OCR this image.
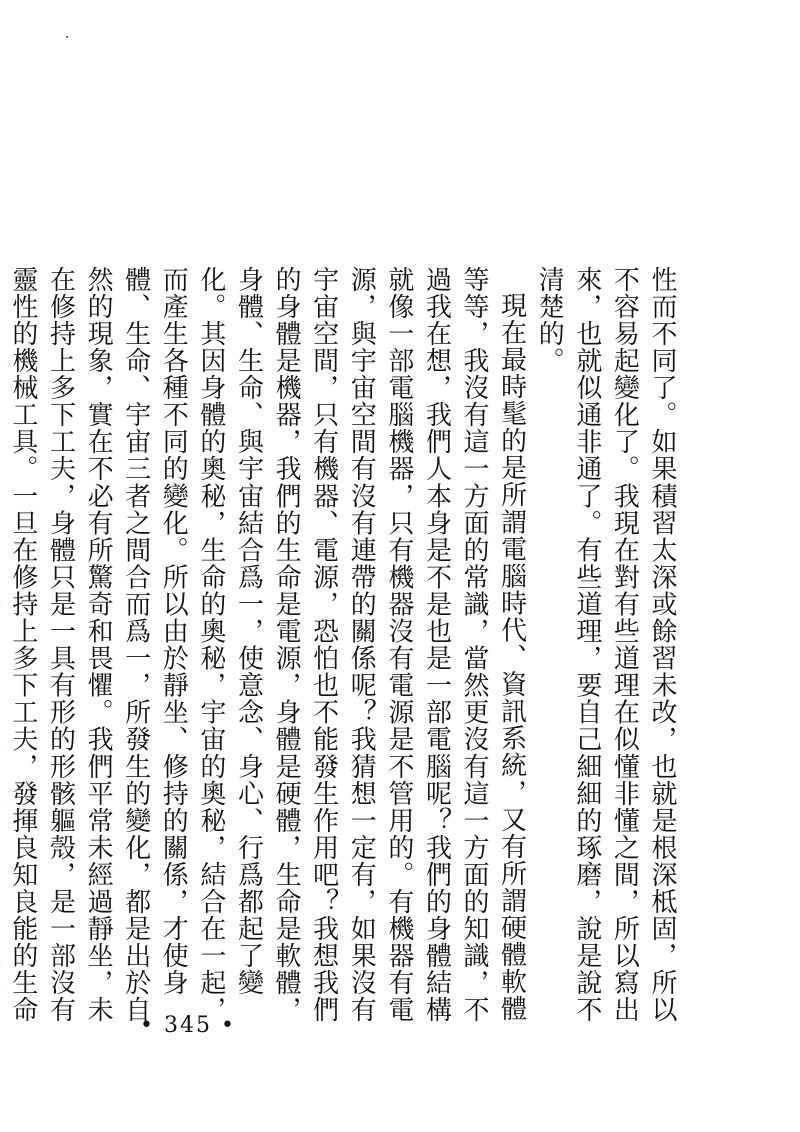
性而不同了。如果積習太深或餘習未改，也就是根深柢固，所以不容易起變化了。我現在對有些道理在似懂非懂之間，所以寫出來，也就似通非通了。有些道理，要自己細細的琢磨，說是說不清楚的。

現在最時髦的是所謂電腦時代、資訊系統，又有所謂硬體軟體等等，我沒有這一方面的常識，當然更沒有這一方面的知識，不過我在想，我們人本身是不是也是一部電腦呢？我們的身體結構就像一部電腦機器，只有機器沒有電源是不管用的。有機器有電源，與宇宙空間有沒有連帶的關係呢？我猜想一定有，如果沒有宇宙空間，只有機器、電源，恐怕也不能發生作用吧？我想我們的身體是機器，我們的生命是電源，身體是硬體，生命是軟體，身體、生命、與宇宙結合爲一，使意念、身心、行爲都起了變化。其因身體的奧秘，生命的奧秘，宇宙的奧秘，結合在一起，而產生各種不同的變化。所以由於靜坐、修持的關係，才使身體、生命、宇宙三者之間合而爲一，所發生的變化，都是出於自然的現象，實在不必有所驚奇和畏懼。我們平常未經過靜坐，未在修持上多下工夫，身體只是一具有形的形骸軀殼，是一部沒有靈性的機械工具。一旦在修持上多下工夫，發揮良知良能的生命

• 345 •
